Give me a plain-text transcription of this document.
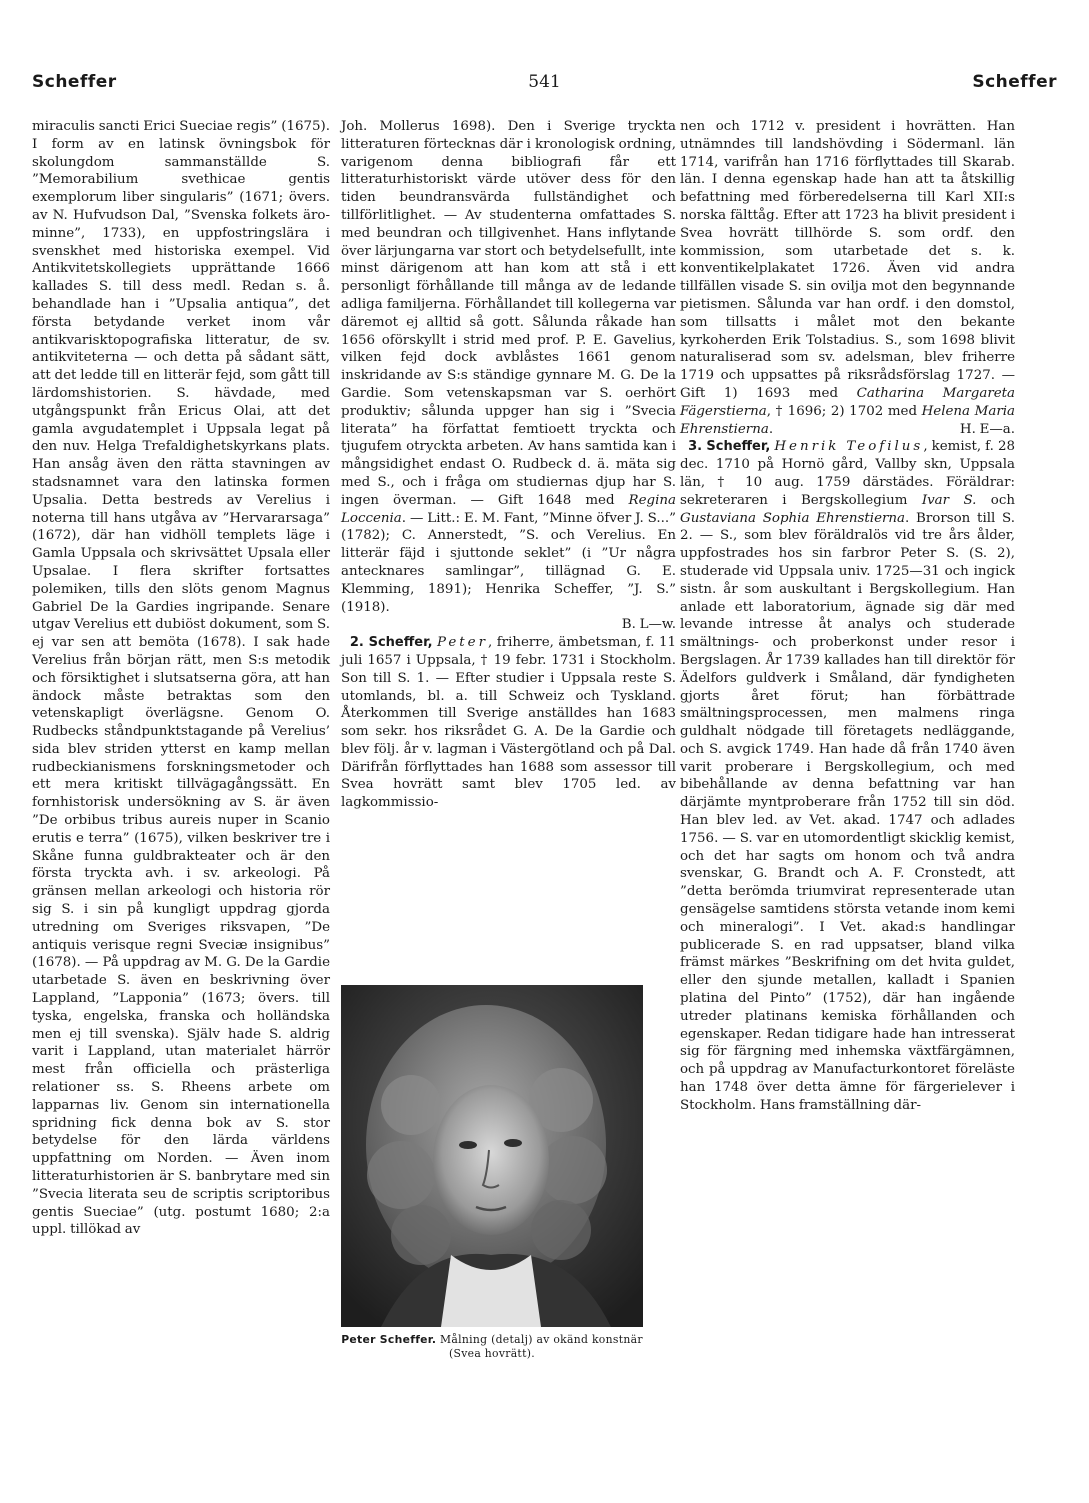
Scheffer	541	Scheffer

miraculis sancti Erici Sueciae regis” (1675). I form av en latinsk övningsbok för skolungdom sammanställde S. ”Memorabilium svethicae gentis exemplorum liber singularis” (1671; övers. av N. Hufvudson Dal, ”Svenska folkets äro-minne”, 1733), en uppfostringslära i svenskhet med historiska exempel. Vid Antikvitetskollegiets upprättande 1666 kallades S. till dess medl. Redan s. å. behandlade han i ”Upsalia antiqua”, det första betydande verket inom vår antikvarisktopografiska litteratur, de sv. antikviteterna — och detta på sådant sätt, att det ledde till en litterär fejd, som gått till lärdomshistorien. S. hävdade, med utgångspunkt från Ericus Olai, att det gamla avgudatemplet i Uppsala legat på den nuv. Helga Trefaldighetskyrkans plats. Han ansåg även den rätta stavningen av stadsnamnet vara den latinska formen Upsalia. Detta bestreds av Verelius i noterna till hans utgåva av ”Hervararsaga” (1672), där han vidhöll templets läge i Gamla Uppsala och skrivsättet Upsala eller Upsalae. I flera skrifter fortsattes polemiken, tills den slöts genom Magnus Gabriel De la Gardies ingripande. Senare utgav Verelius ett dubiöst dokument, som S. ej var sen att bemöta (1678). I sak hade Verelius från början rätt, men S:s metodik och försiktighet i slutsatserna göra, att han ändock måste betraktas som den vetenskapligt överlägsne. Genom O. Rudbecks ståndpunktstagande på Verelius’ sida blev striden ytterst en kamp mellan rudbeckianismens forskningsmetoder och ett mera kritiskt tillvägagångssätt. En fornhistorisk undersökning av S. är även ”De orbibus tribus aureis nuper in Scanio erutis e terra” (1675), vilken beskriver tre i Skåne funna guldbrakteater och är den första tryckta avh. i sv. arkeologi. På gränsen mellan arkeologi och historia rör sig S. i sin på kungligt uppdrag gjorda utredning om Sveriges riksvapen, ”De antiquis verisque regni Sveciæ insignibus” (1678). — På uppdrag av M. G. De la Gardie utarbetade S. även en beskrivning över Lappland, ”Lapponia” (1673; övers. till tyska, engelska, franska och holländska men ej till svenska). Själv hade S. aldrig varit i Lappland, utan materialet härrör mest från officiella och prästerliga relationer ss. S. Rheens arbete om lapparnas liv. Genom sin internationella spridning fick denna bok av S. stor betydelse för den lärda världens uppfattning om Norden. — Även inom litteraturhistorien är S. banbrytare med sin ”Svecia literata seu de scriptis scriptoribus gentis Sueciae” (utg. postumt 1680; 2:a uppl. tillökad av

Joh. Mollerus 1698). Den i Sverige tryckta litteraturen förtecknas där i kronologisk ordning, varigenom denna bibliografi får ett litteraturhistoriskt värde utöver dess för den tiden beundransvärda fullständighet och tillförlitlighet. — Av studenterna omfattades S. med beundran och tillgivenhet. Hans inflytande över lärjungarna var stort och betydelsefullt, inte minst därigenom att han kom att stå i ett personligt förhållande till många av de ledande adliga familjerna. Förhållandet till kollegerna var däremot ej alltid så gott. Sålunda råkade han 1656 oförskyllt i strid med prof. P. E. Gavelius, vilken fejd dock avblåstes 1661 genom inskridande av S:s ständige gynnare M. G. De la Gardie. Som vetenskapsman var S. oerhört produktiv; sålunda uppger han sig i ”Svecia literata” ha författat femtioett tryckta och tjugufem otryckta arbeten. Av hans samtida kan i mångsidighet endast O. Rudbeck d. ä. mäta sig med S., och i fråga om studiernas djup har S. ingen överman. — Gift 1648 med Regina Loccenia. — Litt.: E. M. Fant, ”Minne öfver J. S...” (1782); C. Annerstedt, ”S. och Verelius. En litterär fäjd i sjuttonde seklet” (i ”Ur några antecknares samlingar”, tillägnad G. E. Klemming, 1891); Henrika Scheffer, ”J. S.” (1918).

B. L—w.

2. Scheffer, Peter, friherre, ämbetsman, f. 11 juli 1657 i Uppsala, † 19 febr. 1731 i Stockholm. Son till S. 1. — Efter studier i Uppsala reste S. utomlands, bl. a. till Schweiz och Tyskland. Återkommen till Sverige anställdes han 1683 som sekr. hos riksrådet G. A. De la Gardie och blev följ. år v. lagman i Västergötland och på Dal. Därifrån förflyttades han 1688 som assessor till Svea hovrätt samt blev 1705 led. av lagkommissio-

Peter Scheffer. Målning (detalj) av okänd konstnär (Svea hovrätt).

nen och 1712 v. president i hovrätten. Han utnämndes till landshövding i Södermanl. län 1714, varifrån han 1716 förflyttades till Skarab. län. I denna egenskap hade han att ta åtskillig befattning med förberedelserna till Karl XII:s norska fälttåg. Efter att 1723 ha blivit president i Svea hovrätt tillhörde S. som ordf. den kommission, som utarbetade det s. k. konventikelplakatet 1726. Även vid andra tillfällen visade S. sin ovilja mot den begynnande pietismen. Sålunda var han ordf. i den domstol, som tillsatts i målet mot den bekante kyrkoherden Erik Tolstadius. S., som 1698 blivit naturaliserad som sv. adelsman, blev friherre 1719 och uppsattes på riksrådsförslag 1727. — Gift 1) 1693 med Catharina Margareta Fägerstierna, † 1696; 2) 1702 med Helena Maria Ehrenstierna.	H. E—a.

3. Scheffer, Henrik Teofilus, kemist, f. 28 dec. 1710 på Hornö gård, Vallby skn, Uppsala län, † 10 aug. 1759 därstädes. Föräldrar: sekreteraren i Bergskollegium Ivar S. och Gustaviana Sophia Ehrenstierna. Brorson till S. 2. — S., som blev föräldralös vid tre års ålder, uppfostrades hos sin farbror Peter S. (S. 2), studerade vid Uppsala univ. 1725—31 och ingick sistn. år som auskultant i Bergskollegium. Han anlade ett laboratorium, ägnade sig där med levande intresse åt analys och studerade smältnings- och proberkonst under resor i Bergslagen. År 1739 kallades han till direktör för Ädelfors guldverk i Småland, där fyndigheten gjorts året förut; han förbättrade smältningsprocessen, men malmens ringa guldhalt nödgade till företagets nedläggande, och S. avgick 1749. Han hade då från 1740 även varit proberare i Bergskollegium, och med bibehållande av denna befattning var han därjämte myntproberare från 1752 till sin död. Han blev led. av Vet. akad. 1747 och adlades 1756. — S. var en utomordentligt skicklig kemist, och det har sagts om honom och två andra svenskar, G. Brandt och A. F. Cronstedt, att ”detta berömda triumvirat representerade utan gensägelse samtidens största vetande inom kemi och mineralogi”. I Vet. akad:s handlingar publicerade S. en rad uppsatser, bland vilka främst märkes ”Beskrifning om det hvita guldet, eller den sjunde metallen, kalladt i Spanien platina del Pinto” (1752), där han ingående utreder platinans kemiska förhållanden och egenskaper. Redan tidigare hade han intresserat sig för färgning med inhemska växtfärgämnen, och på uppdrag av Manufacturkontoret föreläste han 1748 över detta ämne för färgerielever i Stockholm. Hans framställning där-
